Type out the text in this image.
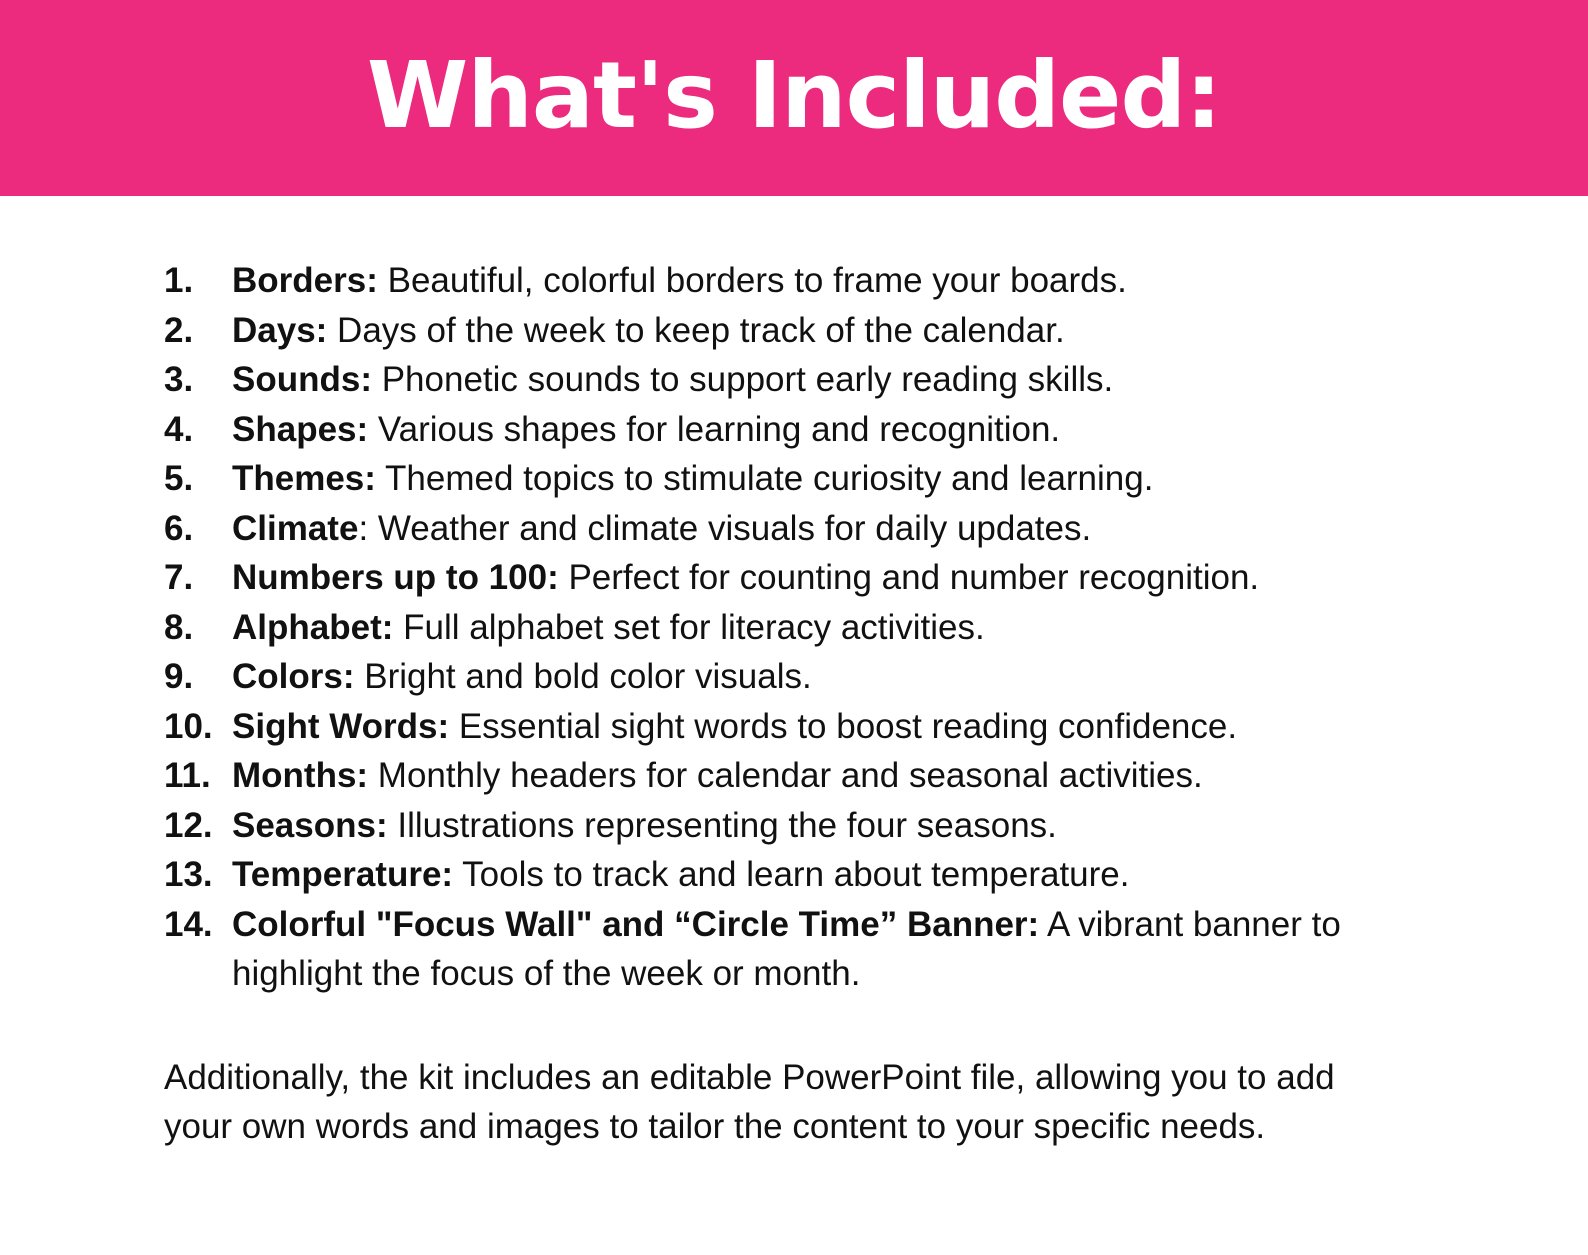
What's Included:
1.	Borders: Beautiful, colorful borders to frame your boards.
2.	Days: Days of the week to keep track of the calendar.
3.	Sounds: Phonetic sounds to support early reading skills.
4.	Shapes: Various shapes for learning and recognition.
5.	Themes: Themed topics to stimulate curiosity and learning.
6.	Climate: Weather and climate visuals for daily updates.
7.	Numbers up to 100: Perfect for counting and number recognition.
8.	Alphabet: Full alphabet set for literacy activities.
9.	Colors: Bright and bold color visuals.
10. Sight Words: Essential sight words to boost reading confidence.
11. Months: Monthly headers for calendar and seasonal activities.
12. Seasons: Illustrations representing the four seasons.
13. Temperature: Tools to track and learn about temperature.
14. Colorful "Focus Wall" and “Circle Time” Banner: A vibrant banner to highlight the focus of the week or month.

Additionally, the kit includes an editable PowerPoint file, allowing you to add your own words and images to tailor the content to your specific needs.
